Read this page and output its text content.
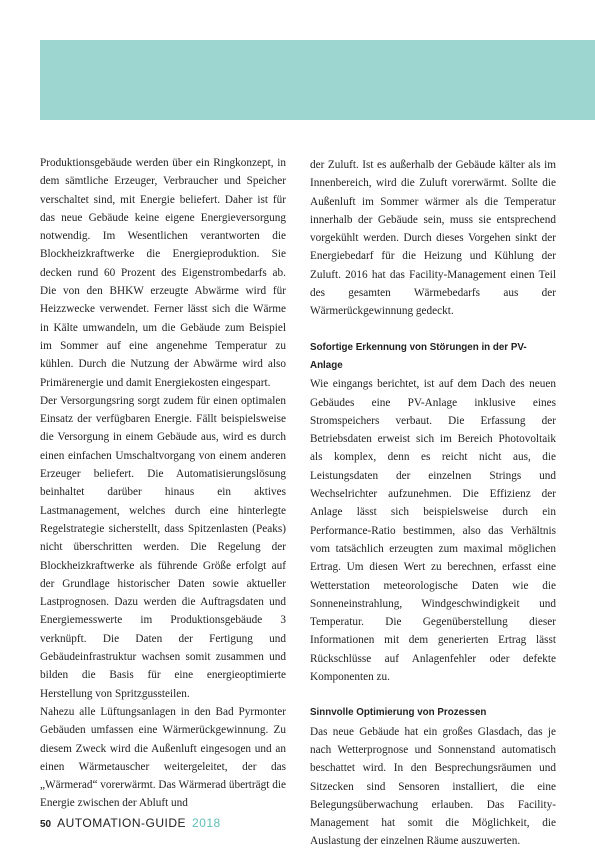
Produktionsgebäude werden über ein Ringkonzept, in dem sämtliche Erzeuger, Verbraucher und Speicher verschaltet sind, mit Energie beliefert. Daher ist für das neue Gebäude keine eigene Energieversorgung notwendig. Im Wesentlichen verantworten die Blockheizkraftwerke die Energieproduktion. Sie decken rund 60 Prozent des Eigenstrombedarfs ab. Die von den BHKW erzeugte Abwärme wird für Heizzwecke verwendet. Ferner lässt sich die Wärme in Kälte umwandeln, um die Gebäude zum Beispiel im Sommer auf eine angenehme Temperatur zu kühlen. Durch die Nutzung der Abwärme wird also Primärenergie und damit Energiekosten eingespart.

Der Versorgungsring sorgt zudem für einen optimalen Einsatz der verfügbaren Energie. Fällt beispielsweise die Versorgung in einem Gebäude aus, wird es durch einen einfachen Umschaltvorgang von einem anderen Erzeuger beliefert. Die Automatisierungslösung beinhaltet darüber hinaus ein aktives Lastmanagement, welches durch eine hinterlegte Regelstrategie sicherstellt, dass Spitzenlasten (Peaks) nicht überschritten werden. Die Regelung der Blockheizkraftwerke als führende Größe erfolgt auf der Grundlage historischer Daten sowie aktueller Lastprognosen. Dazu werden die Auftragsdaten und Energiemesswerte im Produktionsgebäude 3 verknüpft. Die Daten der Fertigung und Gebäudeinfrastruktur wachsen somit zusammen und bilden die Basis für eine energieoptimierte Herstellung von Spritzgussteilen.

Nahezu alle Lüftungsanlagen in den Bad Pyrmonter Gebäuden umfassen eine Wärmerückgewinnung. Zu diesem Zweck wird die Außenluft eingesogen und an einen Wärmetauscher weitergeleitet, der das „Wärmerad“ vorerwärmt. Das Wärmerad überträgt die Energie zwischen der Abluft und

der Zuluft. Ist es außerhalb der Gebäude kälter als im Innenbereich, wird die Zuluft vorerwärmt. Sollte die Außenluft im Sommer wärmer als die Temperatur innerhalb der Gebäude sein, muss sie entsprechend vorgekühlt werden. Durch dieses Vorgehen sinkt der Energiebedarf für die Heizung und Kühlung der Zuluft. 2016 hat das Facility-Management einen Teil des gesamten Wärmebedarfs aus der Wärmerückgewinnung gedeckt.

Sofortige Erkennung von Störungen in der PV-Anlage

Wie eingangs berichtet, ist auf dem Dach des neuen Gebäudes eine PV-Anlage inklusive eines Stromspeichers verbaut. Die Erfassung der Betriebsdaten erweist sich im Bereich Photovoltaik als komplex, denn es reicht nicht aus, die Leistungsdaten der einzelnen Strings und Wechselrichter aufzunehmen. Die Effizienz der Anlage lässt sich beispielsweise durch ein Performance-Ratio bestimmen, also das Verhältnis vom tatsächlich erzeugten zum maximal möglichen Ertrag. Um diesen Wert zu berechnen, erfasst eine Wetterstation meteorologische Daten wie die Sonneneinstrahlung, Windgeschwindigkeit und Temperatur. Die Gegenüberstellung dieser Informationen mit dem generierten Ertrag lässt Rückschlüsse auf Anlagenfehler oder defekte Komponenten zu.

Sinnvolle Optimierung von Prozessen

Das neue Gebäude hat ein großes Glasdach, das je nach Wetterprognose und Sonnenstand automatisch beschattet wird. In den Besprechungsräumen und Sitzecken sind Sensoren installiert, die eine Belegungsüberwachung erlauben. Das Facility-Management hat somit die Möglichkeit, die Auslastung der einzelnen Räume auszuwerten.

50 AUTOMATION-GUIDE 2018
